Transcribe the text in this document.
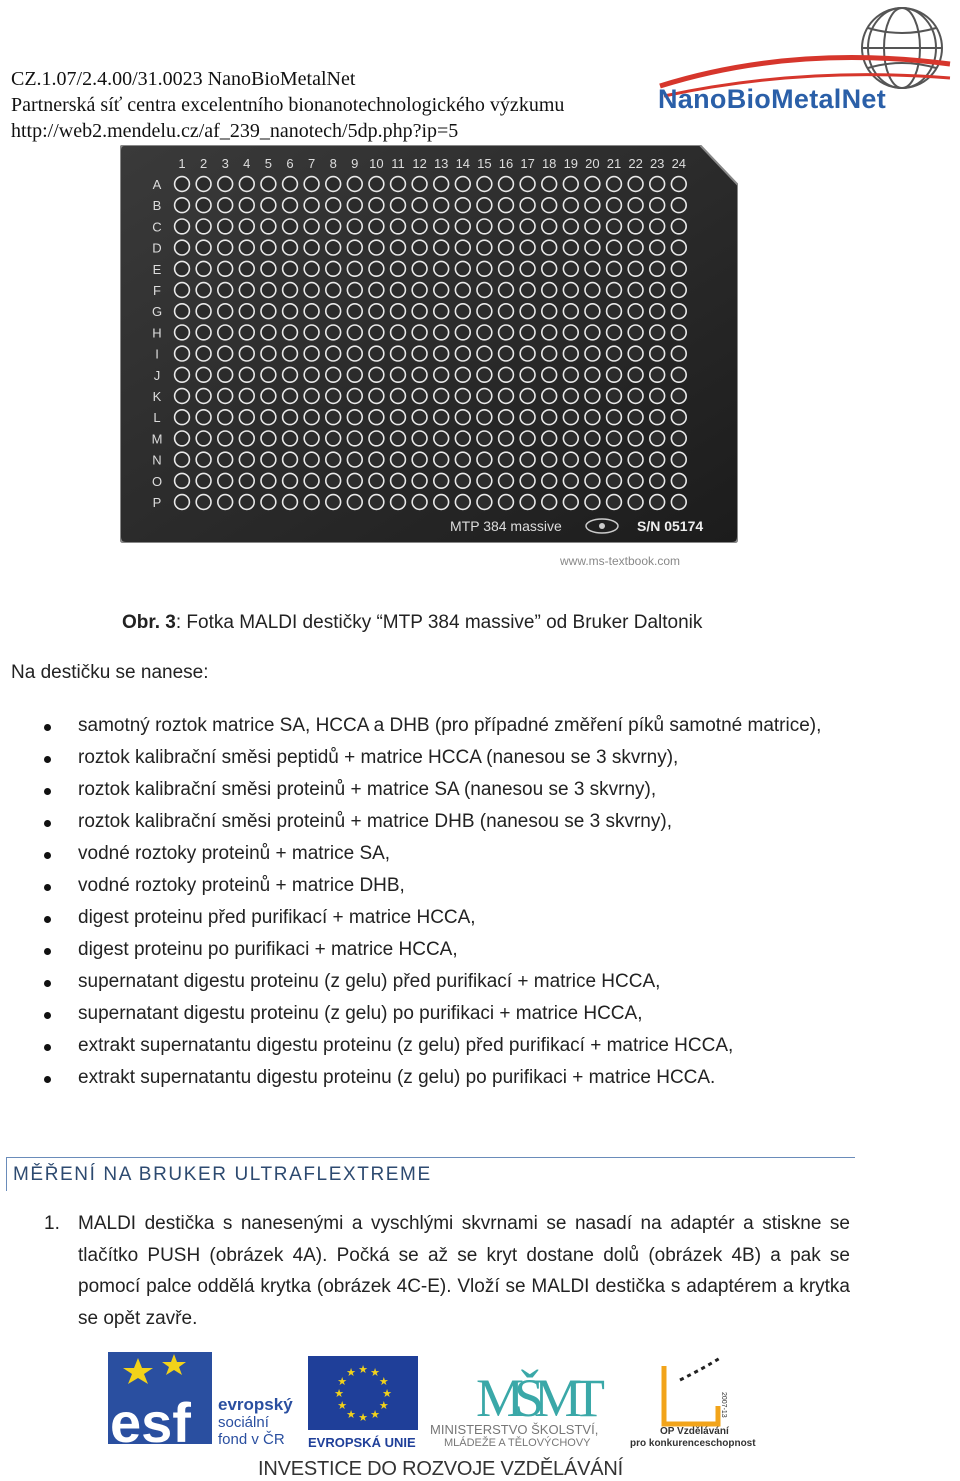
CZ.1.07/2.4.00/31.0023 NanoBioMetalNet
Partnerská síť centra excelentního bionanotechnologického výzkumu
http://web2.mendelu.cz/af_239_nanotech/5dp.php?ip=5
NanoBioMetalNet
1 2 3 4 5 6 7 8 9 10 11 12 13 14 15 16 17 18 19 20 21 22 23 24
A
B
C
D
E
F
G
H
I
J
K
L
M
N
O
P
MTP 384 massive	S/N 05174
www.ms-textbook.com
Obr. 3: Fotka MALDI destičky “MTP 384 massive” od Bruker Daltonik
Na destičku se nanese:
samotný roztok matrice SA, HCCA a DHB (pro případné změření píků samotné matrice),
roztok kalibrační směsi peptidů + matrice HCCA (nanesou se 3 skvrny),
roztok kalibrační směsi proteinů + matrice SA (nanesou se 3 skvrny),
roztok kalibrační směsi proteinů + matrice DHB (nanesou se 3 skvrny),
vodné roztoky proteinů + matrice SA,
vodné roztoky proteinů + matrice DHB,
digest proteinu před purifikací + matrice HCCA,
digest proteinu po purifikaci + matrice HCCA,
supernatant digestu proteinu (z gelu) před purifikací + matrice HCCA,
supernatant digestu proteinu (z gelu) po purifikaci + matrice HCCA,
extrakt supernatantu digestu proteinu (z gelu) před purifikací + matrice HCCA,
extrakt supernatantu digestu proteinu (z gelu) po purifikaci + matrice HCCA.
MĚŘENÍ NA BRUKER ULTRAFLEXTREME
1. MALDI destička s nanesenými a vyschlými skvrnami se nasadí na adaptér a stiskne se tlačítko PUSH (obrázek 4A). Počká se až se kryt dostane dolů (obrázek 4B) a pak se pomocí palce oddělá krytka (obrázek 4C-E). Vloží se MALDI destička s adaptérem a krytka se opět zavře.
esf evropský
sociální
fond v ČR
★
★
★
★
★
★
★
★
★ ★ ★
★
EVROPSKÁ UNIE
MŠMT
MINISTERSTVO ŠKOLSTVÍ,
MLÁDEŽE A TĚLOVÝCHOVY
2007-13
OP Vzdělávání
pro konkurenceschopnost
INVESTICE DO ROZVOJE VZDĚLÁVÁNÍ
